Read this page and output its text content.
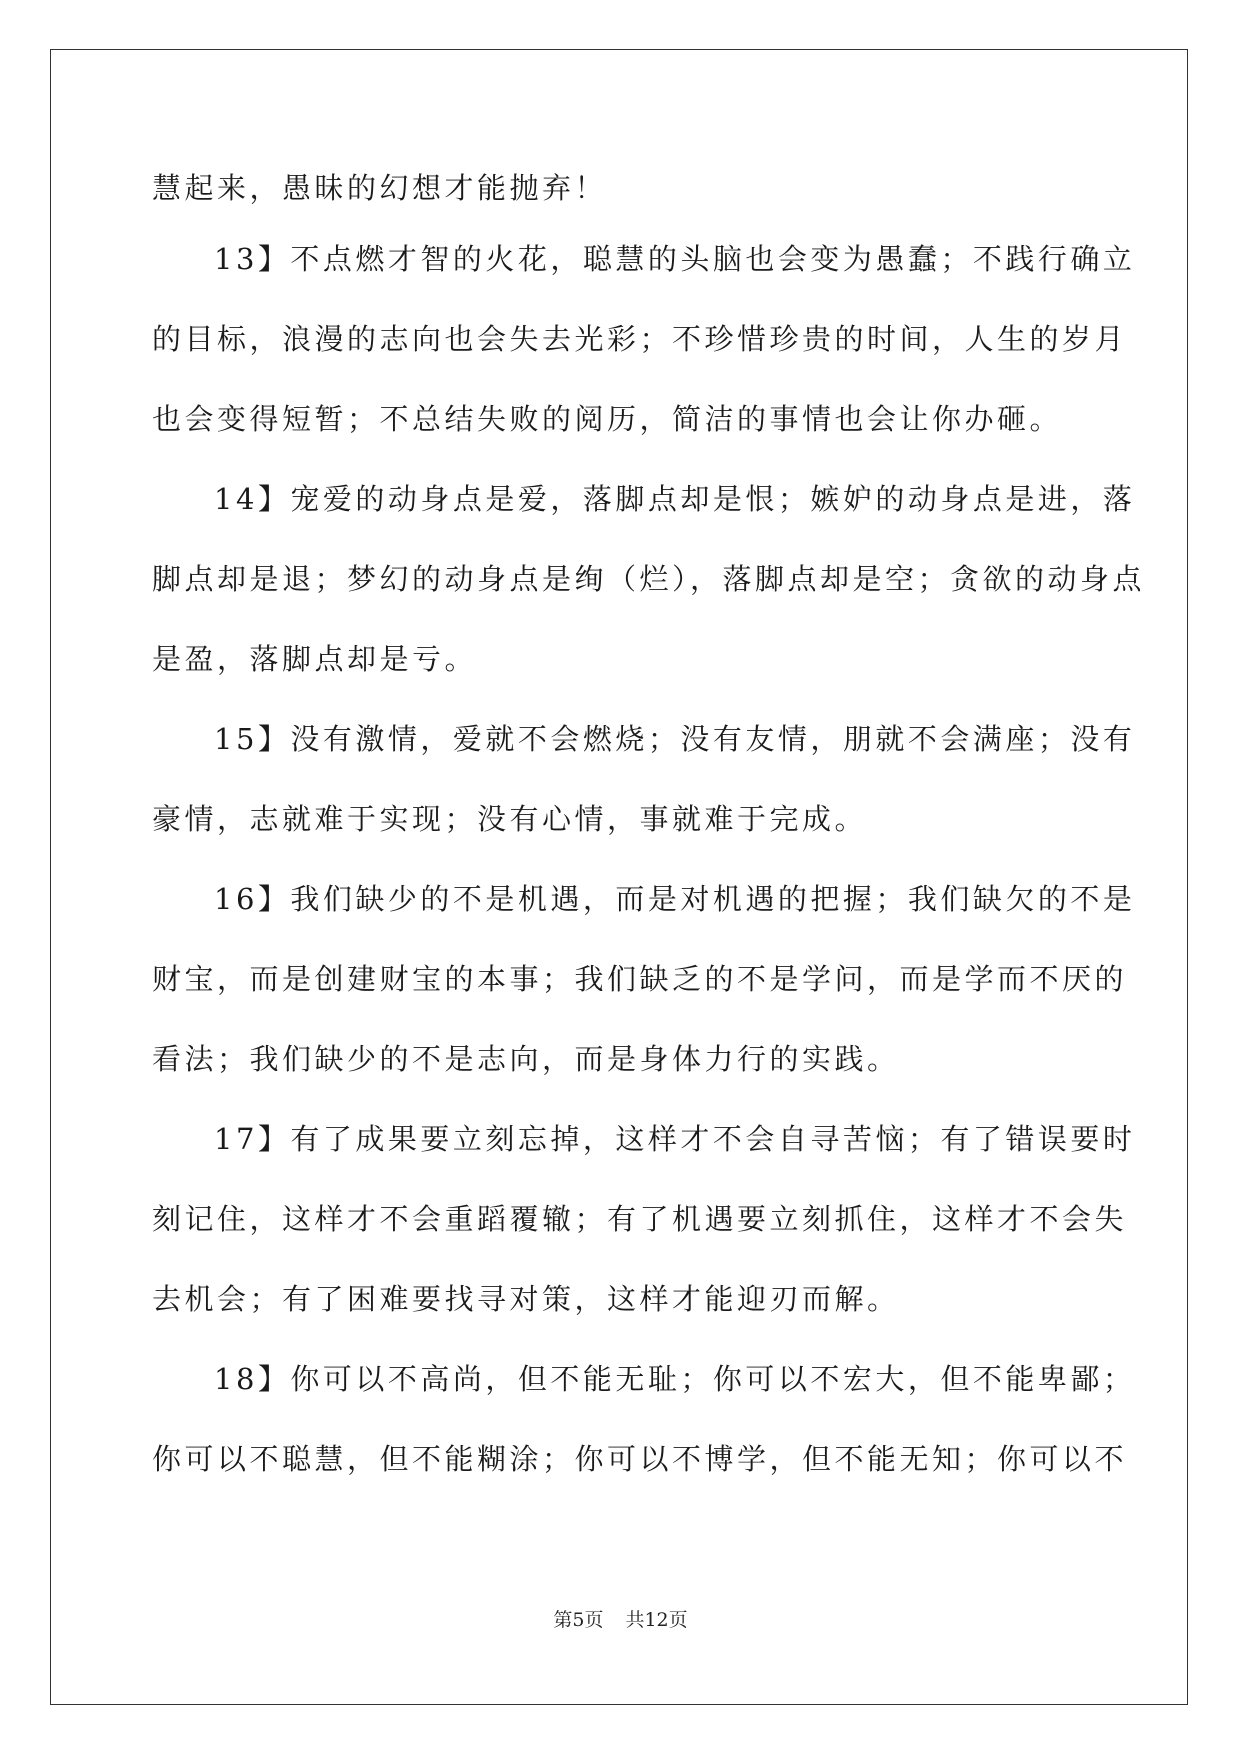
慧起来，愚昧的幻想才能抛弃！
13】不点燃才智的火花，聪慧的头脑也会变为愚蠢；不践行确立
的目标，浪漫的志向也会失去光彩；不珍惜珍贵的时间，人生的岁月
也会变得短暂；不总结失败的阅历，简洁的事情也会让你办砸。
14】宠爱的动身点是爱，落脚点却是恨；嫉妒的动身点是进，落
脚点却是退；梦幻的动身点是绚（烂），落脚点却是空；贪欲的动身点
是盈，落脚点却是亏。
15】没有激情，爱就不会燃烧；没有友情，朋就不会满座；没有
豪情，志就难于实现；没有心情，事就难于完成。
16】我们缺少的不是机遇，而是对机遇的把握；我们缺欠的不是
财宝，而是创建财宝的本事；我们缺乏的不是学问，而是学而不厌的
看法；我们缺少的不是志向，而是身体力行的实践。
17】有了成果要立刻忘掉，这样才不会自寻苦恼；有了错误要时
刻记住，这样才不会重蹈覆辙；有了机遇要立刻抓住，这样才不会失
去机会；有了困难要找寻对策，这样才能迎刃而解。
18】你可以不高尚，但不能无耻；你可以不宏大，但不能卑鄙；
你可以不聪慧，但不能糊涂；你可以不博学，但不能无知；你可以不
第5页 共12页
